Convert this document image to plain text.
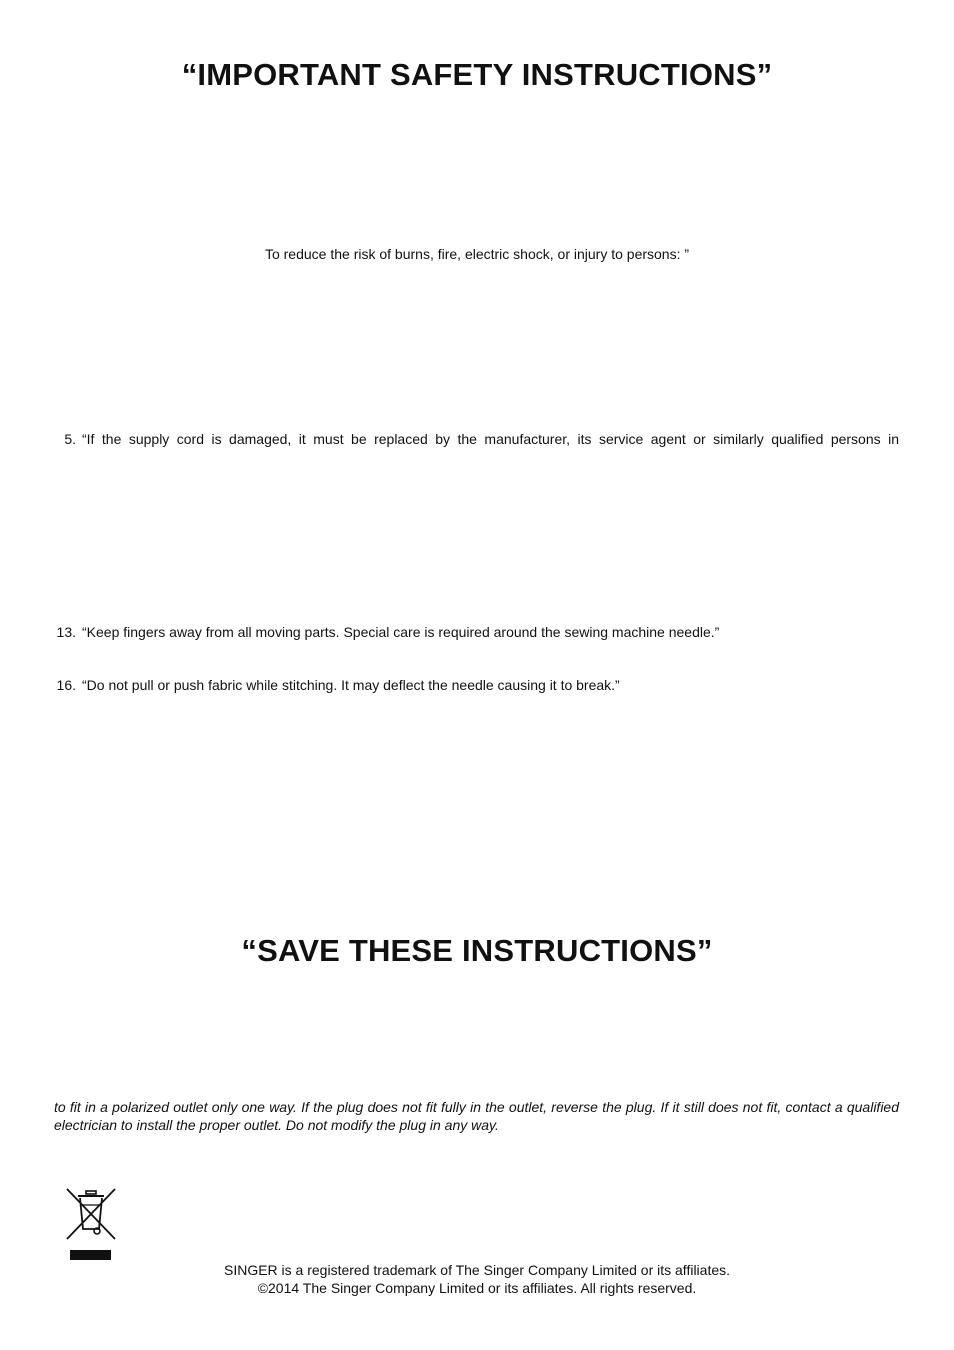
“IMPORTANT SAFETY INSTRUCTIONS”
To reduce the risk of burns, fire, electric shock, or injury to persons: ”
5. “If the supply cord is damaged, it must be replaced by the manufacturer, its service agent or similarly qualified persons in
13. “Keep fingers away from all moving parts. Special care is required around the sewing machine needle.”
16. “Do not pull or push fabric while stitching. It may deflect the needle causing it to break.”
“SAVE THESE INSTRUCTIONS”
to fit in a polarized outlet only one way. If the plug does not fit fully in the outlet, reverse the plug. If it still does not fit, contact a qualified electrician to install the proper outlet. Do not modify the plug in any way.
SINGER is a registered trademark of The Singer Company Limited or its affiliates.
©2014 The Singer Company Limited or its affiliates. All rights reserved.
